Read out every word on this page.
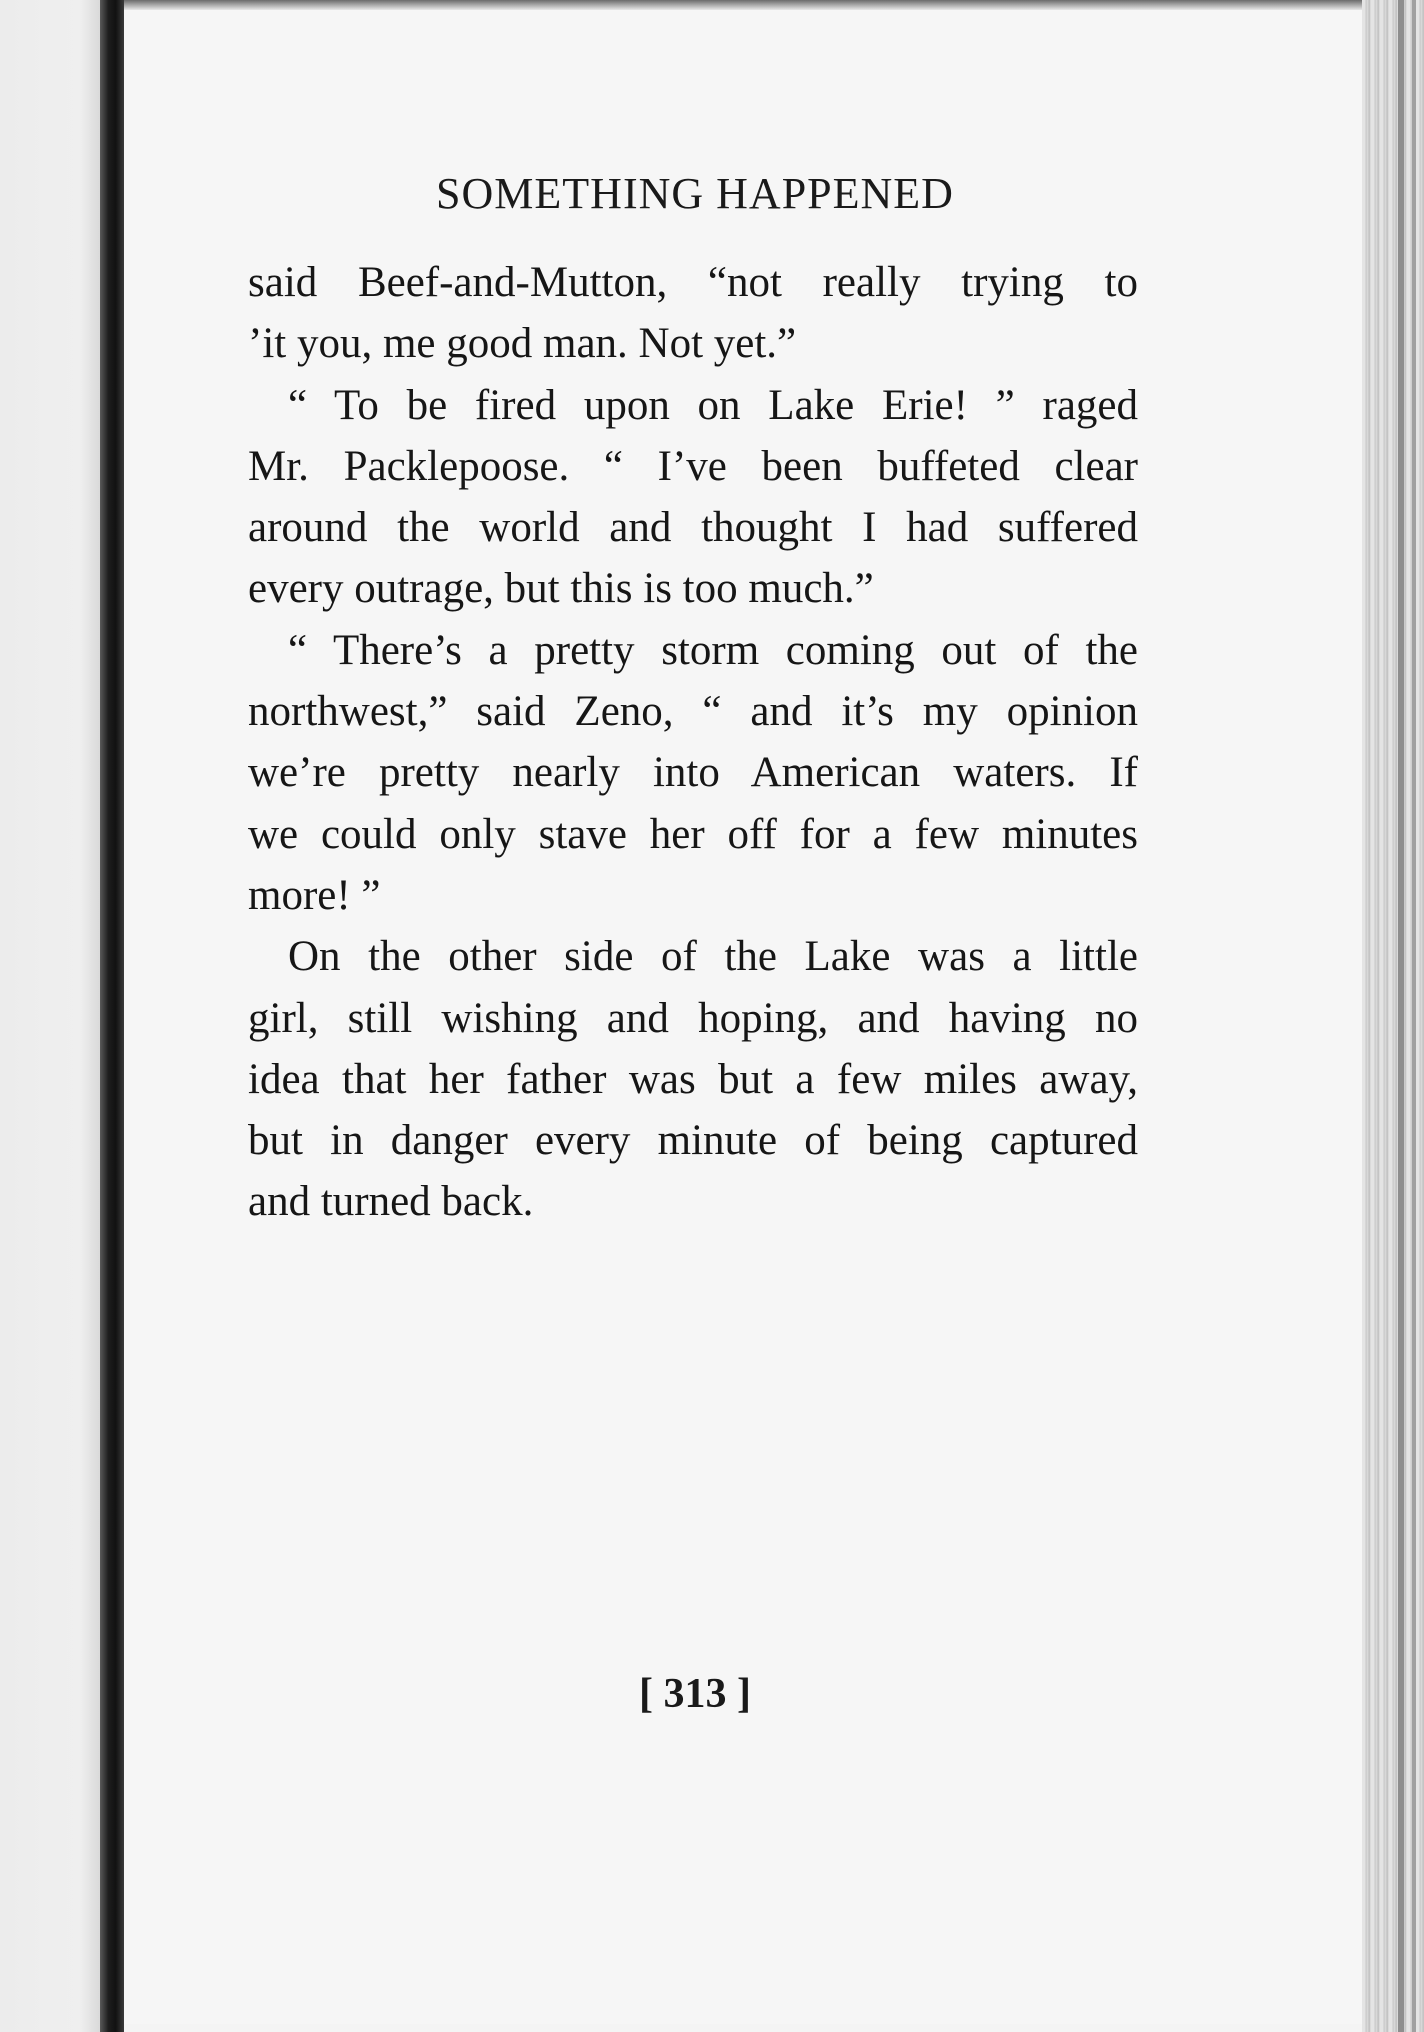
SOMETHING HAPPENED
said Beef-and-Mutton, “not really trying to
’it you, me good man. Not yet.”
“ To be fired upon on Lake Erie! ” raged
Mr. Packlepoose. “ I’ve been buffeted clear
around the world and thought I had suffered
every outrage, but this is too much.”
“ There’s a pretty storm coming out of the
northwest,” said Zeno, “ and it’s my opinion
we’re pretty nearly into American waters. If
we could only stave her off for a few minutes
more! ”
On the other side of the Lake was a little
girl, still wishing and hoping, and having no
idea that her father was but a few miles away,
but in danger every minute of being captured
and turned back.
[ 313 ]
